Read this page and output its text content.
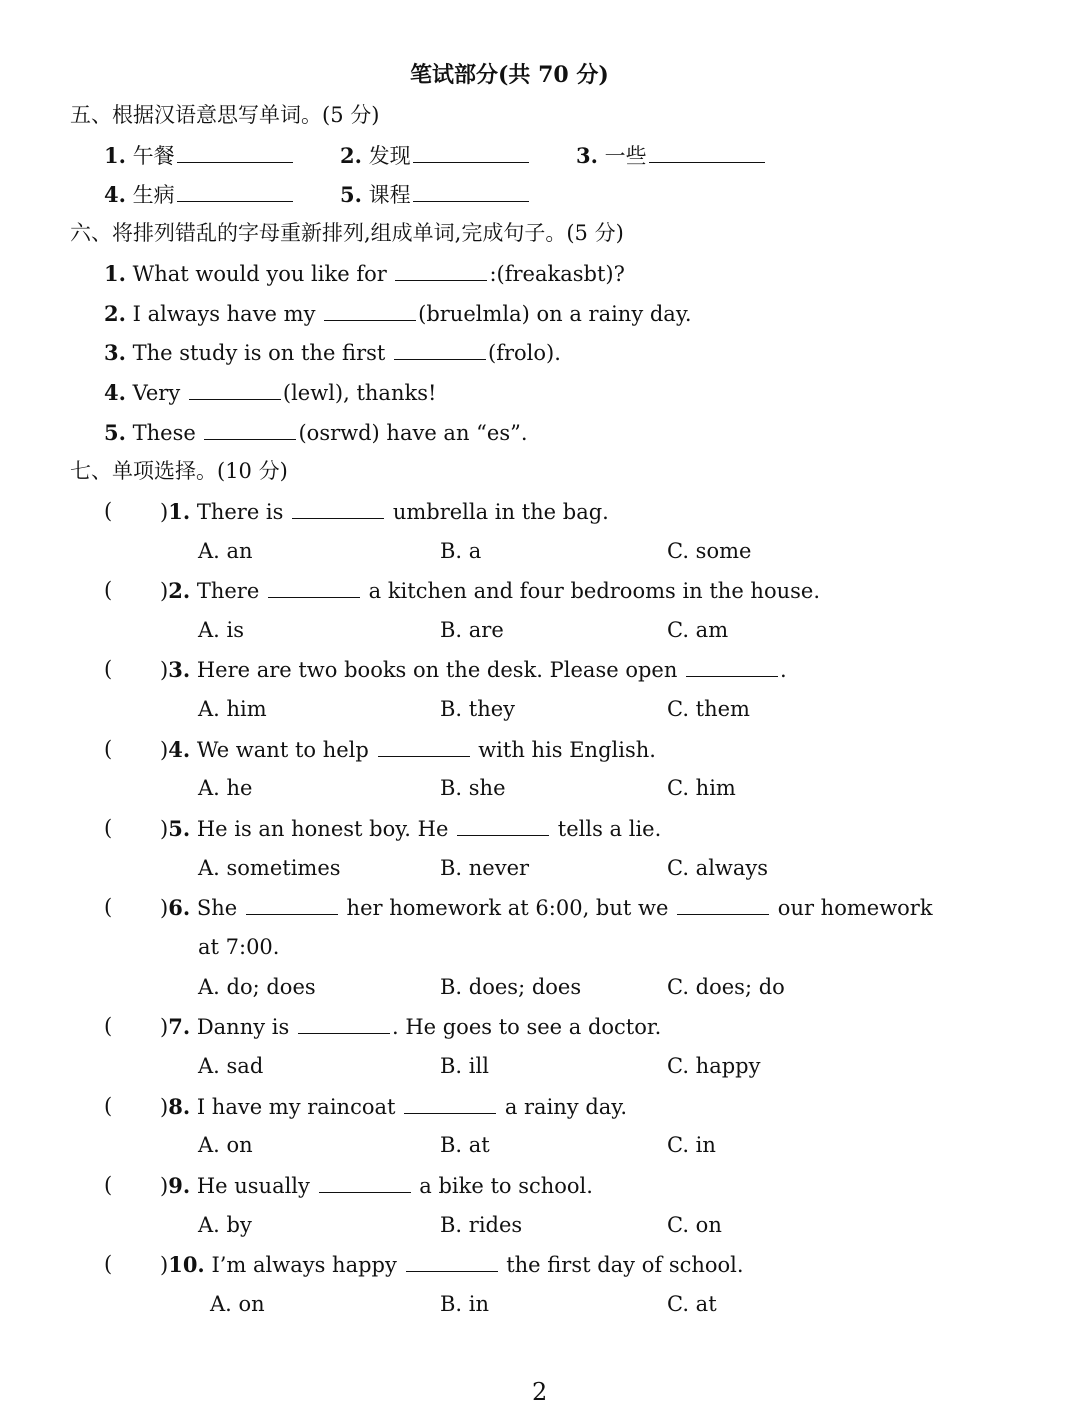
笔试部分(共 70 分)
五、根据汉语意思写单词。(5 分)
1. 午餐	2. 发现	3. 一些
4. 生病	5. 课程
六、将排列错乱的字母重新排列,组成单词,完成句子。(5 分)
1. What would you like for	:(freakasbt)?
2. I always have my	(bruelmla) on a rainy day.
3. The study is on the first	(frolo).
4. Very	(lewl), thanks!
5. These	(osrwd) have an “es”.
七、单项选择。(10 分)
( )1. There is	umbrella in the bag.
A. an	B. a	C. some
( )2. There	a kitchen and four bedrooms in the house.
A. is	B. are	C. am
( )3. Here are two books on the desk. Please open	.
A. him	B. they	C. them
( )4. We want to help	with his English.
A. he	B. she	C. him
( )5. He is an honest boy. He	tells a lie.
A. sometimes	B. never	C. always
( )6. She	her homework at 6:00, but we	our homework
at 7:00.
A. do; does	B. does; does	C. does; do
( )7. Danny is	. He goes to see a doctor.
A. sad	B. ill	C. happy
( )8. I have my raincoat	a rainy day.
A. on	B. at	C. in
( )9. He usually	a bike to school.
A. by	B. rides	C. on
( )10. I’m always happy	the first day of school.
A. on	B. in	C. at
2
